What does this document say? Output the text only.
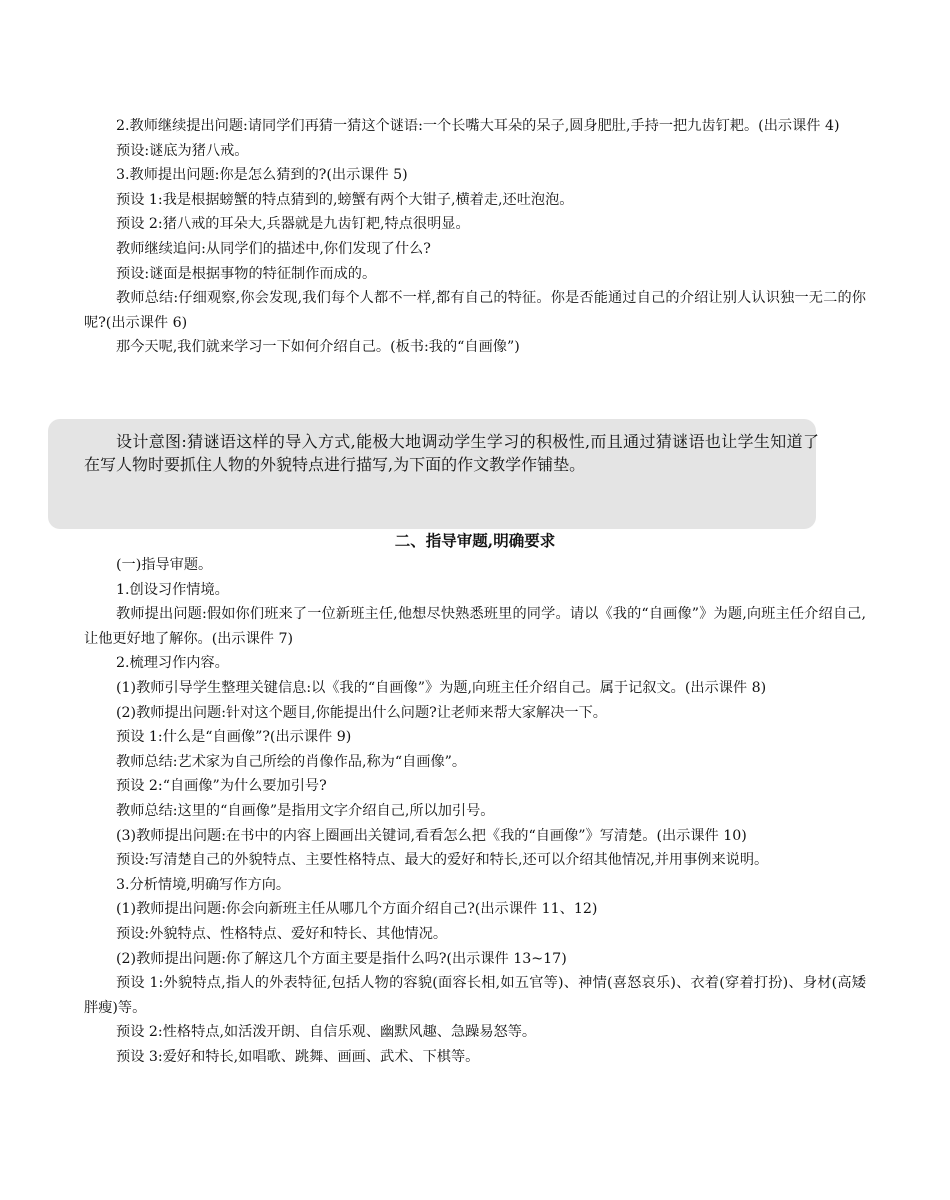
2.教师继续提出问题:请同学们再猜一猜这个谜语:一个长嘴大耳朵的呆子,圆身肥肚,手持一把九齿钉耙。(出示课件 4)

预设:谜底为猪八戒。

3.教师提出问题:你是怎么猜到的?(出示课件 5)

预设 1:我是根据螃蟹的特点猜到的,螃蟹有两个大钳子,横着走,还吐泡泡。

预设 2:猪八戒的耳朵大,兵器就是九齿钉耙,特点很明显。

教师继续追问:从同学们的描述中,你们发现了什么?

预设:谜面是根据事物的特征制作而成的。

教师总结:仔细观察,你会发现,我们每个人都不一样,都有自己的特征。你是否能通过自己的介绍让别人认识独一无二的你呢?(出示课件 6)

那今天呢,我们就来学习一下如何介绍自己。(板书:我的“自画像”)

设计意图:猜谜语这样的导入方式,能极大地调动学生学习的积极性,而且通过猜谜语也让学生知道了在写人物时要抓住人物的外貌特点进行描写,为下面的作文教学作铺垫。

二、指导审题,明确要求

(一)指导审题。

1.创设习作情境。

教师提出问题:假如你们班来了一位新班主任,他想尽快熟悉班里的同学。请以《我的“自画像”》为题,向班主任介绍自己,让他更好地了解你。(出示课件 7)

2.梳理习作内容。

(1)教师引导学生整理关键信息:以《我的“自画像”》为题,向班主任介绍自己。属于记叙文。(出示课件 8)

(2)教师提出问题:针对这个题目,你能提出什么问题?让老师来帮大家解决一下。

预设 1:什么是“自画像”?(出示课件 9)

教师总结:艺术家为自己所绘的肖像作品,称为“自画像”。

预设 2:“自画像”为什么要加引号?

教师总结:这里的“自画像”是指用文字介绍自己,所以加引号。

(3)教师提出问题:在书中的内容上圈画出关键词,看看怎么把《我的“自画像”》写清楚。(出示课件 10)

预设:写清楚自己的外貌特点、主要性格特点、最大的爱好和特长,还可以介绍其他情况,并用事例来说明。

3.分析情境,明确写作方向。

(1)教师提出问题:你会向新班主任从哪几个方面介绍自己?(出示课件 11、12)

预设:外貌特点、性格特点、爱好和特长、其他情况。

(2)教师提出问题:你了解这几个方面主要是指什么吗?(出示课件 13~17)

预设 1:外貌特点,指人的外表特征,包括人物的容貌(面容长相,如五官等)、神情(喜怒哀乐)、衣着(穿着打扮)、身材(高矮胖瘦)等。

预设 2:性格特点,如活泼开朗、自信乐观、幽默风趣、急躁易怒等。

预设 3:爱好和特长,如唱歌、跳舞、画画、武术、下棋等。
